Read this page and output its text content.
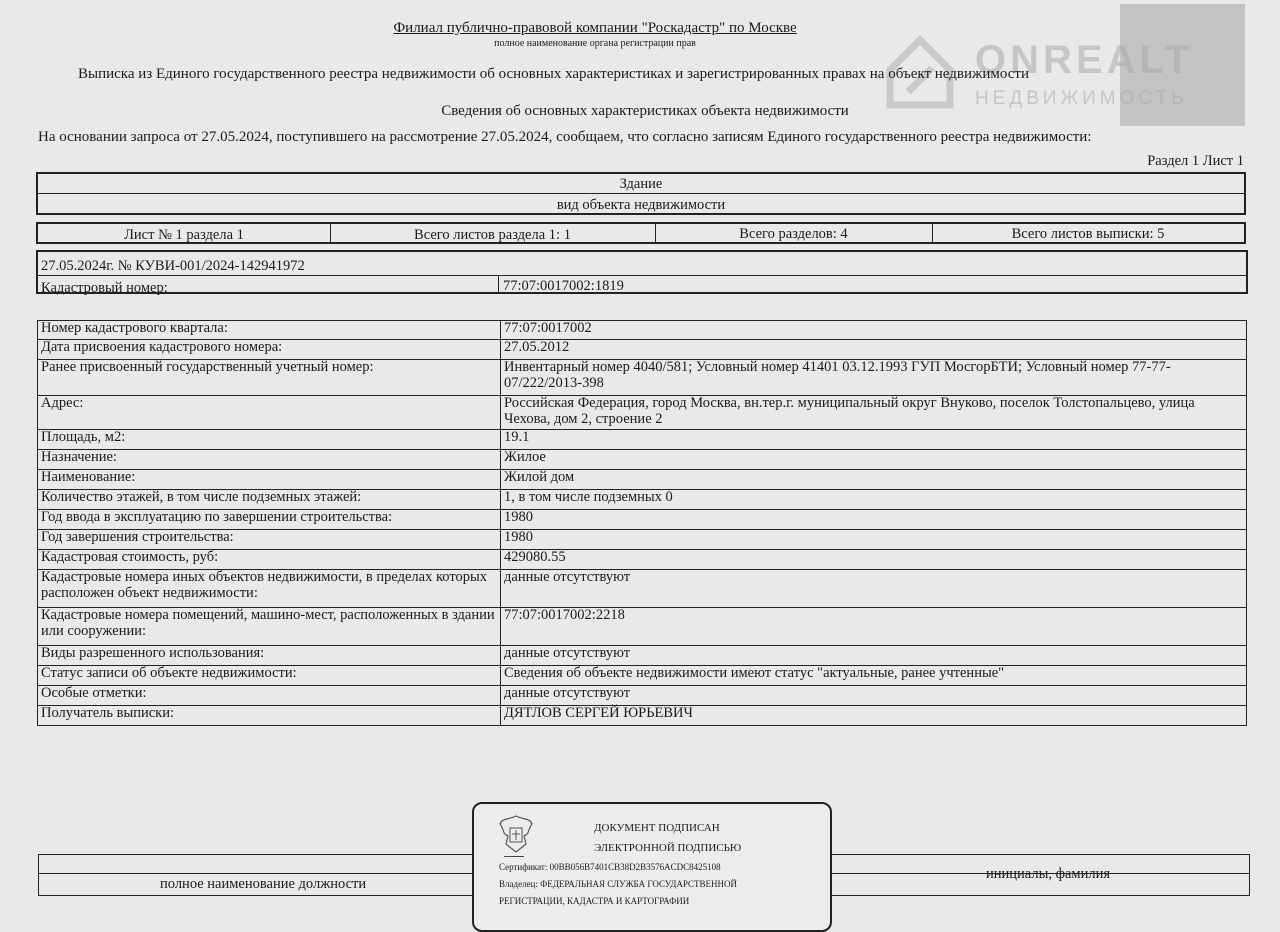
ONREALT
НЕДВИЖИМОСТЬ
Филиал публично-правовой компании "Роскадастр" по Москве
полное наименование органа регистрации прав
Выписка из Единого государственного реестра недвижимости об основных характеристиках и зарегистрированных правах на объект недвижимости
Сведения об основных характеристиках объекта недвижимости
На основании запроса от 27.05.2024, поступившего на рассмотрение 27.05.2024, сообщаем, что согласно записям Единого государственного реестра недвижимости:
Раздел 1 Лист 1
Здание
вид объекта недвижимости
Лист № 1 раздела 1	Всего листов раздела 1: 1	Всего разделов: 4	Всего листов выписки: 5
27.05.2024г. № КУВИ-001/2024-142941972
Кадастровый номер:	77:07:0017002:1819
Номер кадастрового квартала:	77:07:0017002
Дата присвоения кадастрового номера:	27.05.2012
Ранее присвоенный государственный учетный номер:	Инвентарный номер 4040/581; Условный номер 41401 03.12.1993 ГУП МосгорБТИ; Условный номер 77-77-07/222/2013-398
Адрес:	Российская Федерация, город Москва, вн.тер.г. муниципальный округ Внуково, поселок Толстопальцево, улица Чехова, дом 2, строение 2
Площадь, м2:	19.1
Назначение:	Жилое
Наименование:	Жилой дом
Количество этажей, в том числе подземных этажей:	1, в том числе подземных 0
Год ввода в эксплуатацию по завершении строительства:	1980
Год завершения строительства:	1980
Кадастровая стоимость, руб:	429080.55
Кадастровые номера иных объектов недвижимости, в пределах которых расположен объект недвижимости:	данные отсутствуют
Кадастровые номера помещений, машино-мест, расположенных в здании или сооружении:	77:07:0017002:2218
Виды разрешенного использования:	данные отсутствуют
Статус записи об объекте недвижимости:	Сведения об объекте недвижимости имеют статус "актуальные, ранее учтенные"
Особые отметки:	данные отсутствуют
Получатель выписки:	ДЯТЛОВ СЕРГЕЙ ЮРЬЕВИЧ
полное наименование должности
инициалы, фамилия
ДОКУМЕНТ ПОДПИСАН
ЭЛЕКТРОННОЙ ПОДПИСЬЮ
Сертификат: 00BB056B7401CB38D2B3576ACDC8425108
Владелец: ФЕДЕРАЛЬНАЯ СЛУЖБА ГОСУДАРСТВЕННОЙ
РЕГИСТРАЦИИ, КАДАСТРА И КАРТОГРАФИИ
